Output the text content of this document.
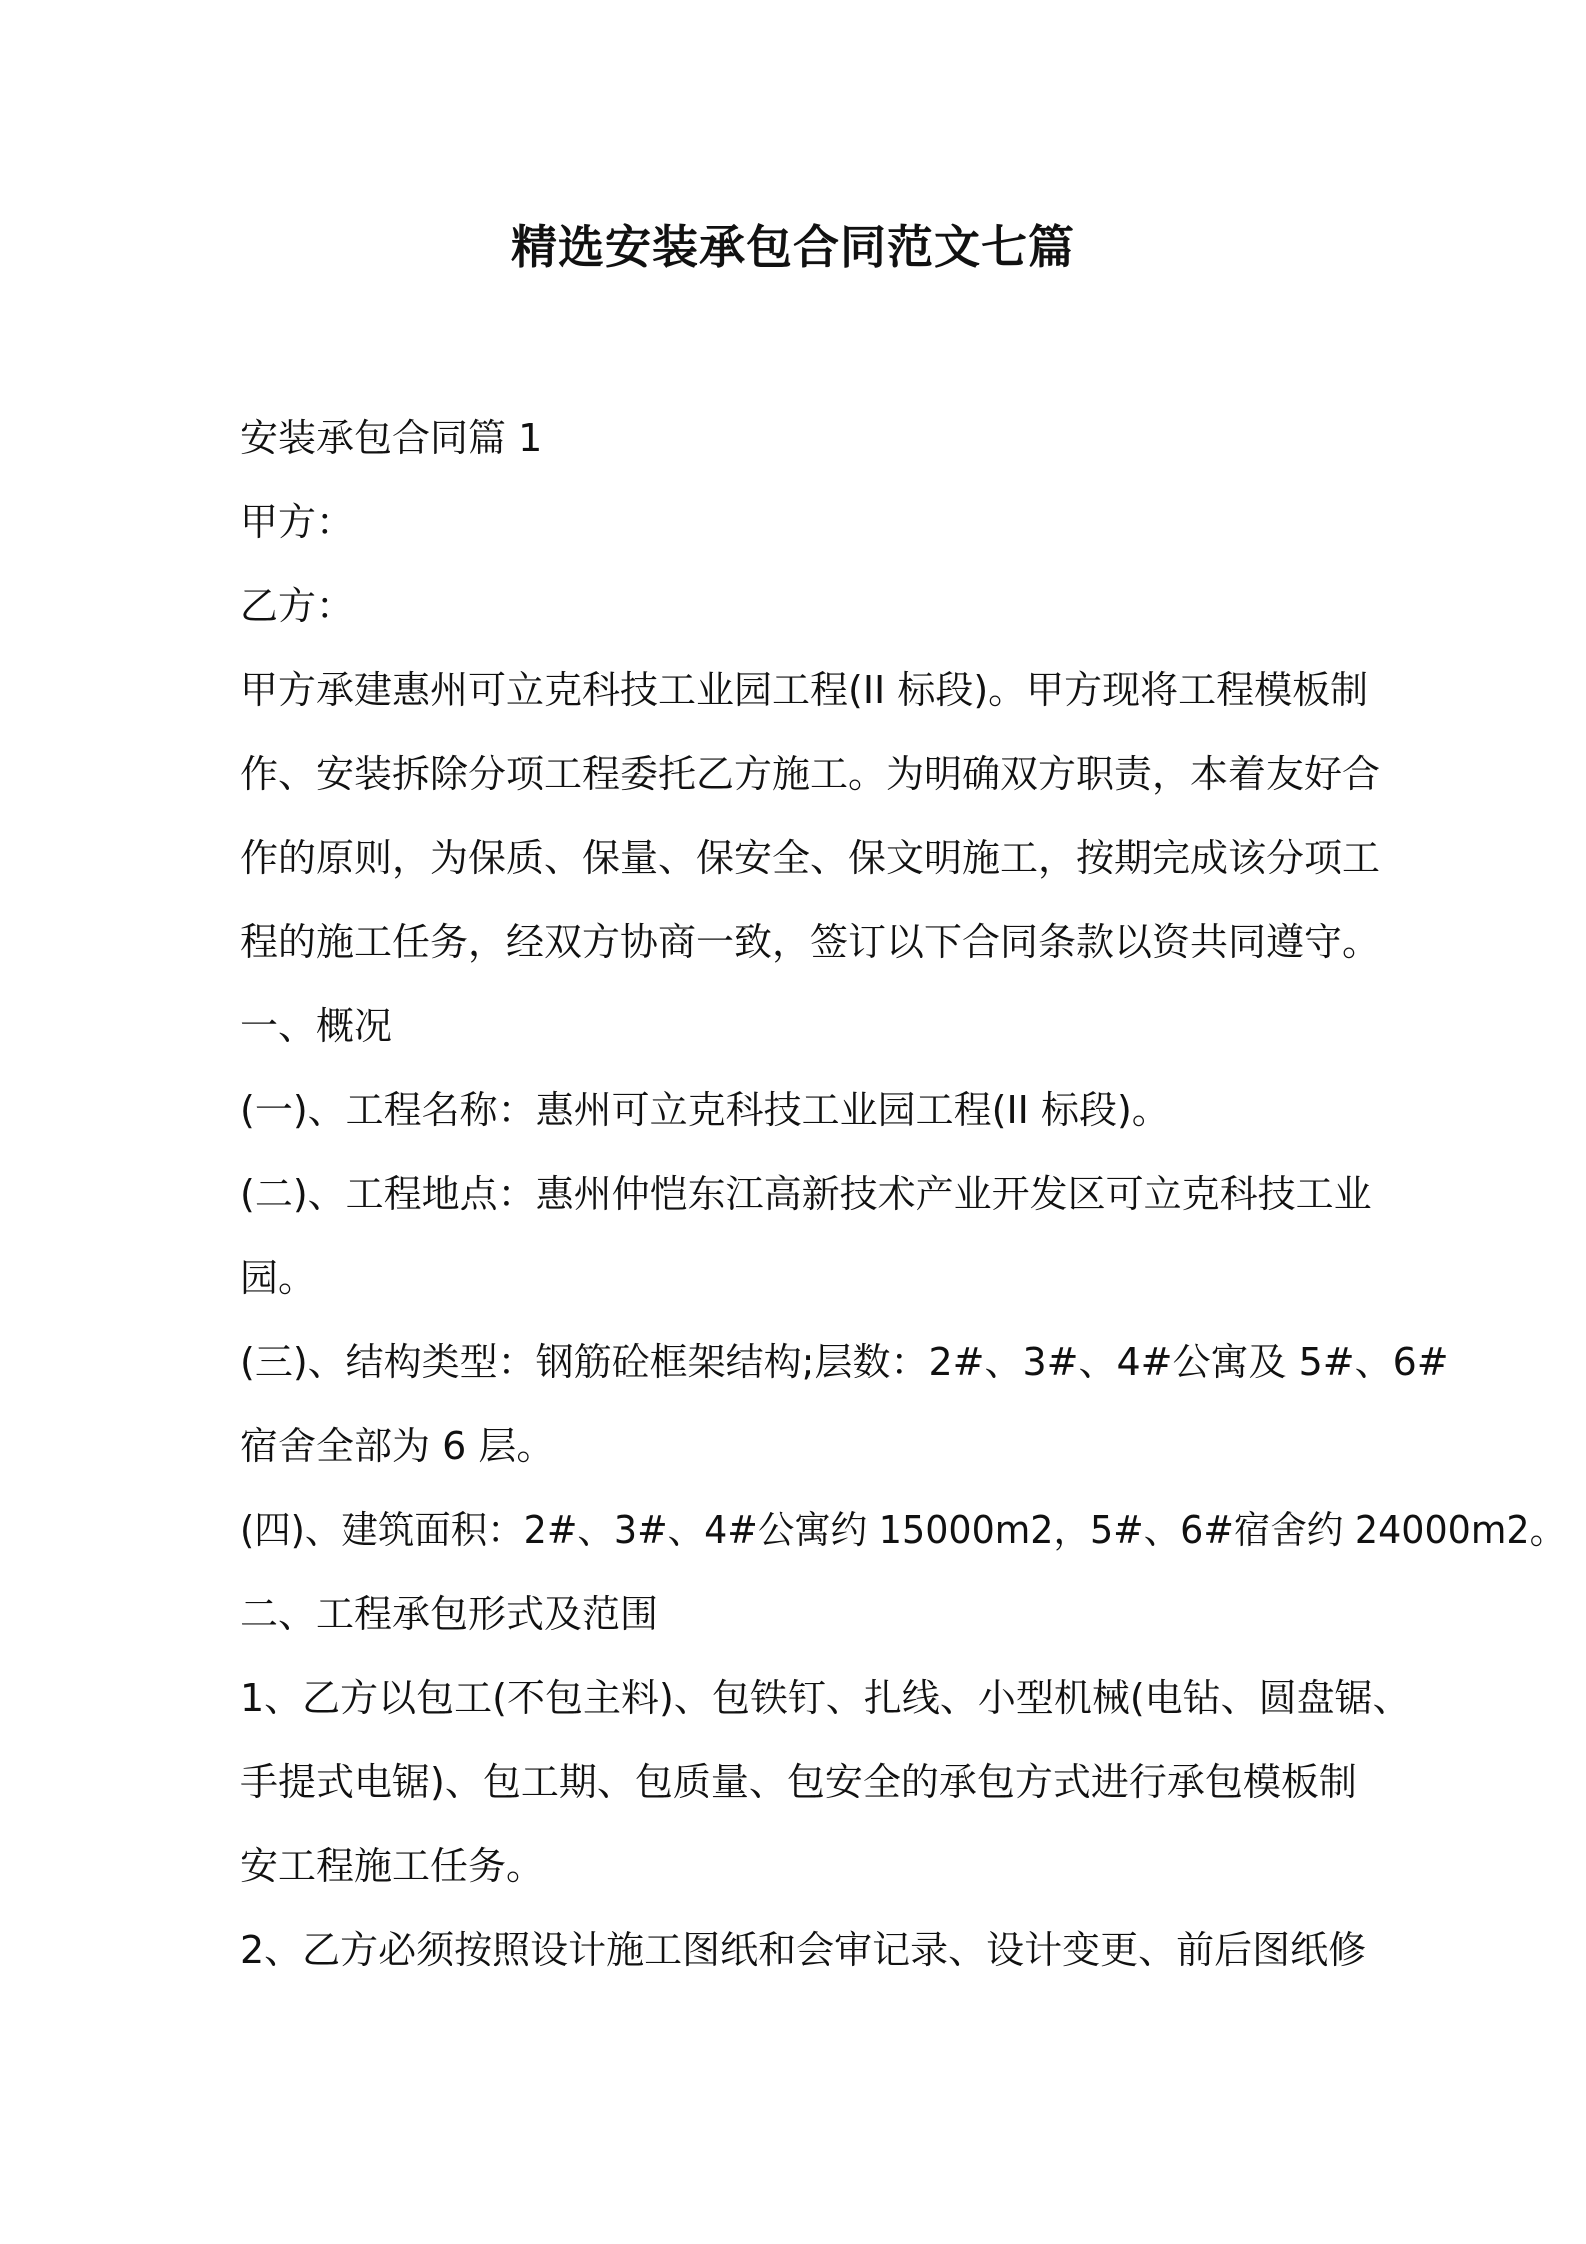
精选安装承包合同范文七篇
安装承包合同篇 1
甲方：
乙方：
甲方承建惠州可立克科技工业园工程(II 标段)。甲方现将工程模板制
作、安装拆除分项工程委托乙方施工。为明确双方职责，本着友好合
作的原则，为保质、保量、保安全、保文明施工，按期完成该分项工
程的施工任务，经双方协商一致，签订以下合同条款以资共同遵守。
一、概况
(一)、工程名称：惠州可立克科技工业园工程(II 标段)。
(二)、工程地点：惠州仲恺东江高新技术产业开发区可立克科技工业
园。
(三)、结构类型：钢筋砼框架结构;层数：2#、3#、4#公寓及 5#、6#
宿舍全部为 6 层。
(四)、建筑面积：2#、3#、4#公寓约 15000m2，5#、6#宿舍约 24000m2。
二、工程承包形式及范围
1、乙方以包工(不包主料)、包铁钉、扎线、小型机械(电钻、圆盘锯、
手提式电锯)、包工期、包质量、包安全的承包方式进行承包模板制
安工程施工任务。
2、乙方必须按照设计施工图纸和会审记录、设计变更、前后图纸修
